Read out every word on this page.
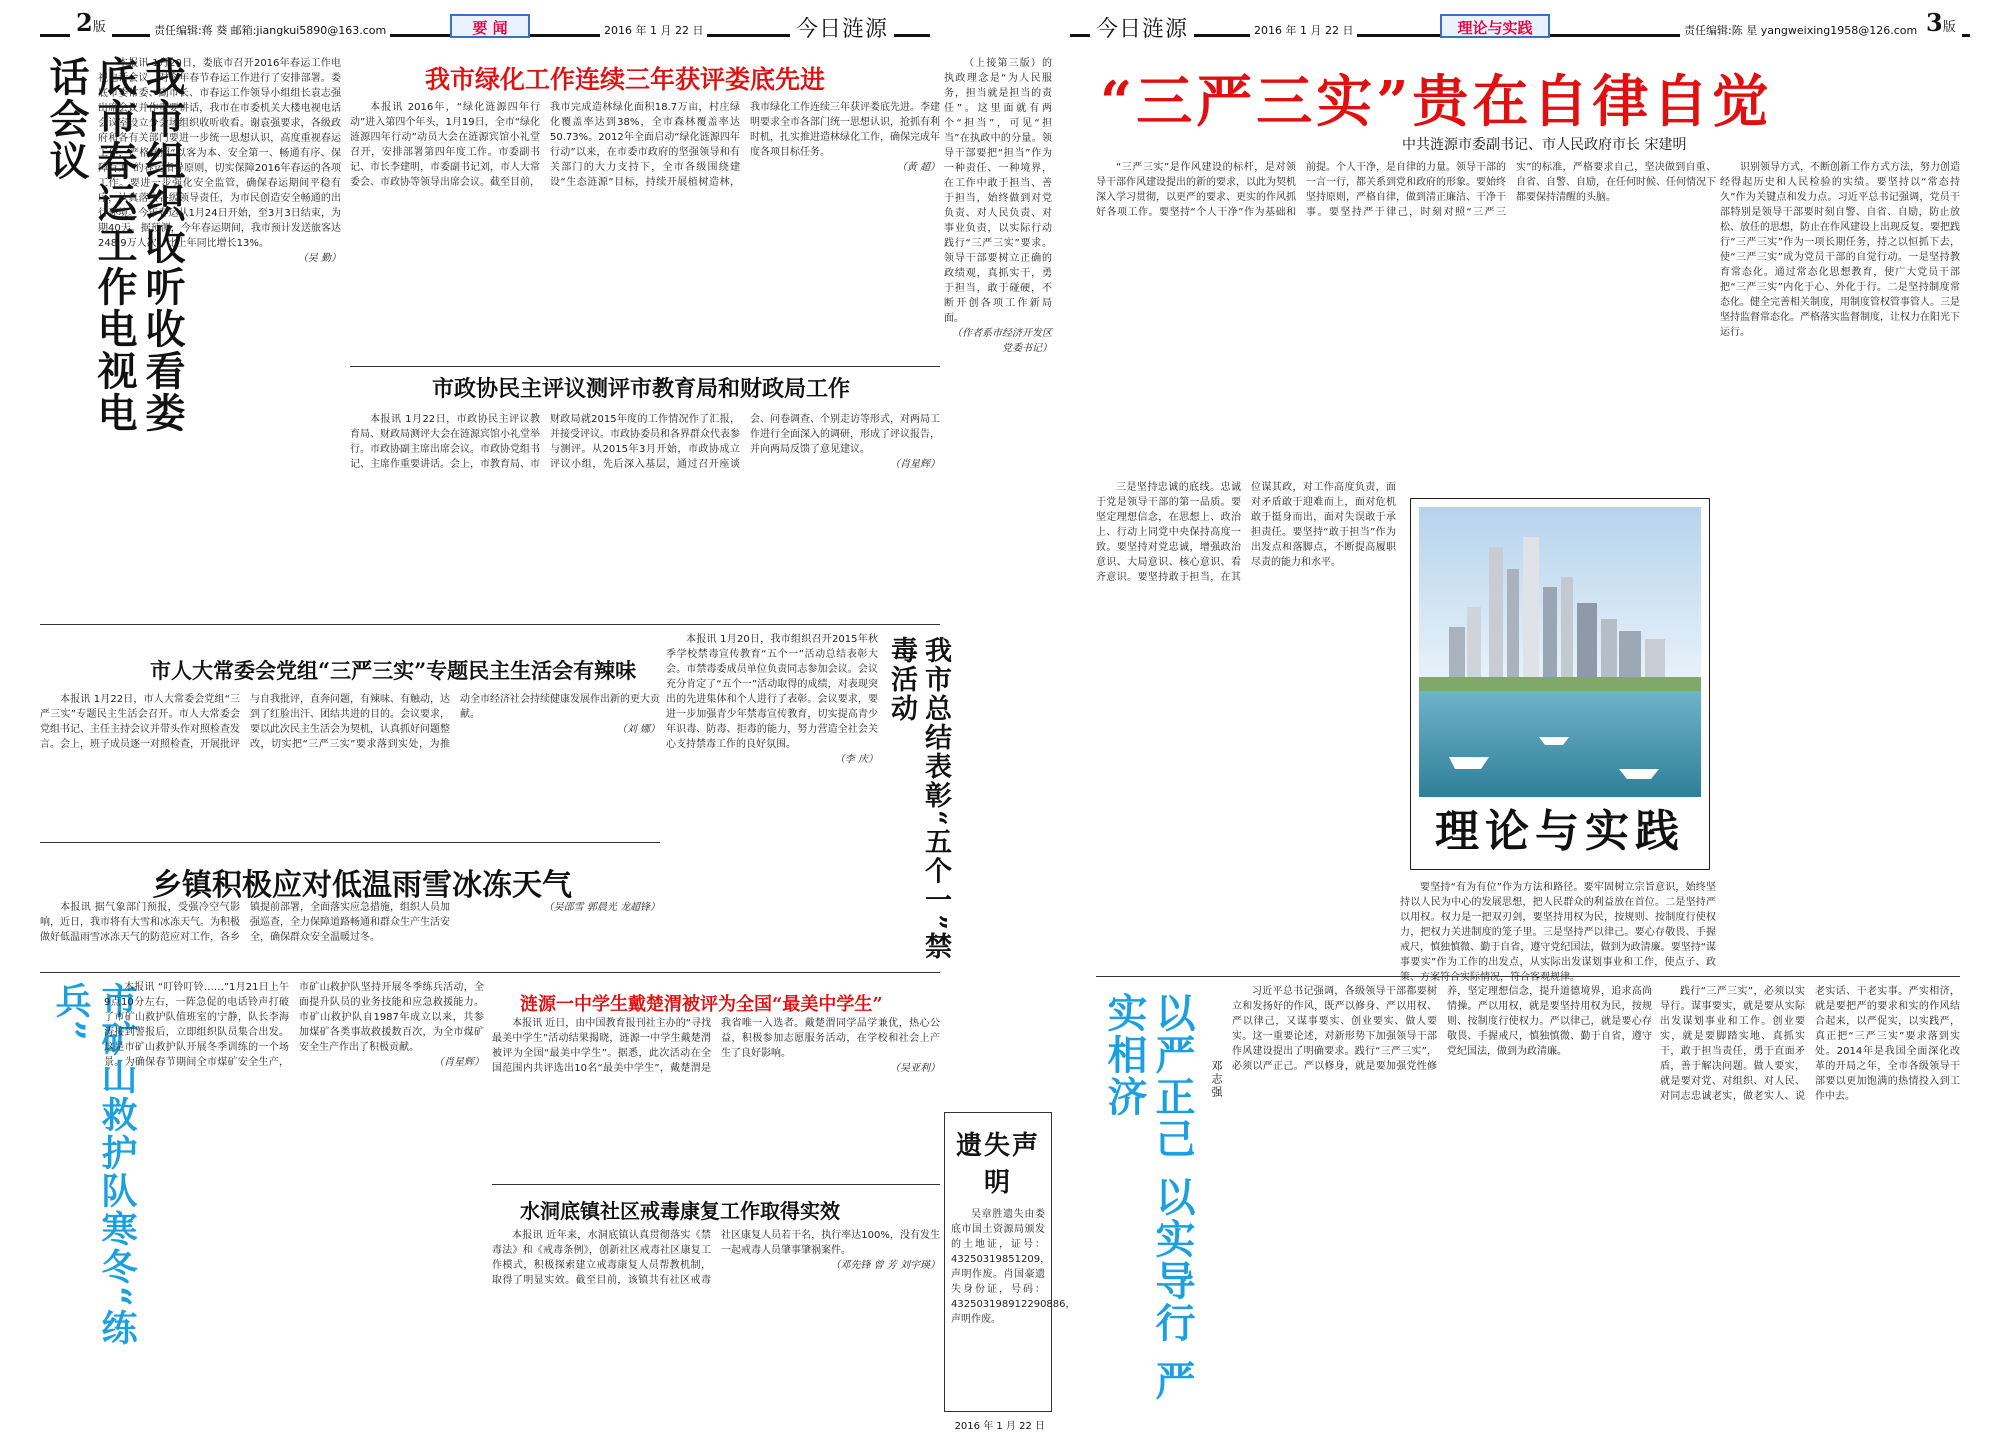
2版	责任编辑:蒋 葵 邮箱:jiangkui5890@163.com	要 闻	2016 年 1 月 22 日	今日涟源
我市组织收听收看娄底市春运工作电视电话会议	本报讯 1月20日，娄底市召开2016年春运工作电视电话会议，对今年春节春运工作进行了安排部署。娄底市委常委、副市长、市春运工作领导小组组长袁志强出席会议并作重要讲话，我市在市委机关大楼电视电话会议室设立分会场组织收听收看。谢袁强要求，各级政府和各有关部门要进一步统一思想认识，高度重视春运工作，严格按照“以客为本、安全第一、畅通有序、保障有力”的春运指导原则，切实保障2016年春运的各项工作。要进一步强化安全监管，确保春运期间平稳有序，认真落实各级领导责任，为市民创造安全畅通的出行环境。今年春运从1月24日开始，至3月3日结束，为期40天。据预测，今年春运期间，我市预计发送旅客达248.9万人次，比上年同比增长13%。

（吴 勤）
我市绿化工作连续三年获评娄底先进

本报讯 2016年，“绿化涟源四年行动”进入第四个年头，1月19日，全市“绿化涟源四年行动”动员大会在涟源宾馆小礼堂召开，安排部署第四年度工作。市委副书记、市长李建明，市委副书记刘，市人大常委会、市政协等领导出席会议。截至目前，我市完成造林绿化面积18.7万亩，村庄绿化覆盖率达到38%，全市森林覆盖率达50.73%。2012年全面启动“绿化涟源四年行动”以来，在市委市政府的坚强领导和有关部门的大力支持下，全市各级围绕建设“生态涟源”目标，持续开展植树造林，我市绿化工作连续三年获评娄底先进。李建明要求全市各部门统一思想认识，抢抓有利时机，扎实推进造林绿化工作，确保完成年度各项目标任务。

（黄 超）
市政协民主评议测评市教育局和财政局工作

本报讯 1月22日，市政协民主评议教育局、财政局测评大会在涟源宾馆小礼堂举行。市政协副主席出席会议。市政协党组书记、主席作重要讲话。会上，市教育局、市财政局就2015年度的工作情况作了汇报，并接受评议。市政协委员和各界群众代表参与测评。从2015年3月开始，市政协成立评议小组，先后深入基层，通过召开座谈会、问卷调查、个别走访等形式，对两局工作进行全面深入的调研，形成了评议报告，并向两局反馈了意见建议。

（肖星辉）
市人大常委会党组“三严三实”专题民主生活会有辣味

本报讯 1月22日，市人大常委会党组“三严三实”专题民主生活会召开。市人大常委会党组书记、主任主持会议并带头作对照检查发言。会上，班子成员逐一对照检查，开展批评与自我批评，直奔问题，有辣味、有触动，达到了红脸出汗、团结共进的目的。会议要求，要以此次民主生活会为契机，认真抓好问题整改，切实把“三严三实”要求落到实处，为推动全市经济社会持续健康发展作出新的更大贡献。

（刘 娜）	我市总结表彰“五个一”禁毒活动

本报讯 1月20日，我市组织召开2015年秋季学校禁毒宣传教育“五个一”活动总结表彰大会。市禁毒委成员单位负责同志参加会议。会议充分肯定了“五个一”活动取得的成绩，对表现突出的先进集体和个人进行了表彰。会议要求，要进一步加强青少年禁毒宣传教育，切实提高青少年识毒、防毒、拒毒的能力，努力营造全社会关心支持禁毒工作的良好氛围。

（李 庆）
乡镇积极应对低温雨雪冰冻天气

本报讯 据气象部门预报，受强冷空气影响，近日，我市将有大雪和冰冻天气。为积极做好低温雨雪冰冻天气的防范应对工作，各乡镇提前部署，全面落实应急措施，组织人员加强巡查，全力保障道路畅通和群众生产生活安全，确保群众安全温暖过冬。

（吴邵雪 郭晨光 龙超锋）
市矿山救护队寒冬“练兵”	本报讯 “叮铃叮铃……”1月21日上午9点10分左右，一阵急促的电话铃声打破了市矿山救护队值班室的宁静，队长李海涛接到警报后，立即组织队员集合出发。这是市矿山救护队开展冬季训练的一个场景。为确保春节期间全市煤矿安全生产，市矿山救护队坚持开展冬季练兵活动，全面提升队员的业务技能和应急救援能力。市矿山救护队自1987年成立以来，共参加煤矿各类事故救援数百次，为全市煤矿安全生产作出了积极贡献。

（肖星辉）
涟源一中学生戴楚渭被评为全国“最美中学生”

本报讯 近日，由中国教育报刊社主办的“寻找最美中学生”活动结果揭晓，涟源一中学生戴楚渭被评为全国“最美中学生”。据悉，此次活动在全国范围内共评选出10名“最美中学生”，戴楚渭是我省唯一入选者。戴楚渭同学品学兼优，热心公益，积极参加志愿服务活动，在学校和社会上产生了良好影响。

（吴亚利）
水洞底镇社区戒毒康复工作取得实效

本报讯 近年来，水洞底镇认真贯彻落实《禁毒法》和《戒毒条例》，创新社区戒毒社区康复工作模式，积极探索建立戒毒康复人员帮教机制，取得了明显实效。截至目前，该镇共有社区戒毒社区康复人员若干名，执行率达100%，没有发生一起戒毒人员肇事肇祸案件。

（邓先锋 曾 芳 刘宇瑛）

（上接第三版）的执政理念是“为人民服务，担当就是担当的责任”。这里面就有两个“担当”，可见“担当”在执政中的分量。领导干部要把“担当”作为一种责任、一种境界，在工作中敢于担当、善于担当，始终做到对党负责、对人民负责、对事业负责，以实际行动践行“三严三实”要求。领导干部要树立正确的政绩观，真抓实干，勇于担当，敢于碰硬，不断开创各项工作新局面。

（作者系市经济开发区党委书记）
遗失声明

吴章胜遗失由娄底市国土资源局颁发的土地证，证号：43250319851209，声明作废。肖国豪遗失身份证，号码：432503198912290886，声明作废。

2016 年 1 月 22 日
今日涟源	2016 年 1 月 22 日	理论与实践	责任编辑:陈 星 yangweixing1958@126.com 3版
“三严三实”贵在自律自觉
中共涟源市委副书记、市人民政府市长 宋建明

“三严三实”是作风建设的标杆，是对领导干部作风建设提出的新的要求，以此为契机深入学习贯彻，以更严的要求、更实的作风抓好各项工作。要坚持“个人干净”作为基础和前提。个人干净，是自律的力量。领导干部的一言一行，都关系到党和政府的形象。要始终坚持原则，严格自律，做到清正廉洁、干净干事。要坚持严于律己，时刻对照“三严三实”的标准，严格要求自己，坚决做到自重、自省、自警、自励，在任何时候、任何情况下都要保持清醒的头脑。

三是坚持忠诚的底线。忠诚于党是领导干部的第一品质。要坚定理想信念，在思想上、政治上、行动上同党中央保持高度一致。要坚持对党忠诚，增强政治意识、大局意识、核心意识、看齐意识。要坚持敢于担当，在其位谋其政，对工作高度负责，面对矛盾敢于迎难而上，面对危机敢于挺身而出，面对失误敢于承担责任。要坚持“敢于担当”作为出发点和落脚点，不断提高履职尽责的能力和水平。

识别领导方式，不断创新工作方式方法，努力创造经得起历史和人民检验的实绩。要坚持以“常态持久”作为关键点和发力点。习近平总书记强调，党员干部特别是领导干部要时刻自警、自省、自励，防止放松、放任的思想，防止在作风建设上出现反复。要把践行“三严三实”作为一项长期任务，持之以恒抓下去，使“三严三实”成为党员干部的自觉行动。一是坚持教育常态化。通过常态化思想教育，使广大党员干部把“三严三实”内化于心、外化于行。二是坚持制度常态化。健全完善相关制度，用制度管权管事管人。三是坚持监督常态化。严格落实监督制度，让权力在阳光下运行。

要坚持“有为有位”作为方法和路径。要牢固树立宗旨意识，始终坚持以人民为中心的发展思想，把人民群众的利益放在首位。二是坚持严以用权。权力是一把双刃剑，要坚持用权为民，按规则、按制度行使权力，把权力关进制度的笼子里。三是坚持严以律己。要心存敬畏、手握戒尺，慎独慎微、勤于自省，遵守党纪国法，做到为政清廉。要坚持“谋事要实”作为工作的出发点，从实际出发谋划事业和工作，使点子、政策、方案符合实际情况，符合客观规律。

理论与实践
以严正己 以实导行 严实相济	邓志强

习近平总书记强调，各级领导干部都要树立和发扬好的作风，既严以修身、严以用权、严以律己，又谋事要实、创业要实、做人要实。这一重要论述，对新形势下加强领导干部作风建设提出了明确要求。践行“三严三实”，必须以严正己。严以修身，就是要加强党性修养，坚定理想信念，提升道德境界，追求高尚情操。严以用权，就是要坚持用权为民，按规则、按制度行使权力。严以律己，就是要心存敬畏、手握戒尺，慎独慎微、勤于自省，遵守党纪国法，做到为政清廉。

践行“三严三实”，必须以实导行。谋事要实，就是要从实际出发谋划事业和工作。创业要实，就是要脚踏实地、真抓实干，敢于担当责任，勇于直面矛盾，善于解决问题。做人要实，就是要对党、对组织、对人民、对同志忠诚老实，做老实人、说老实话、干老实事。严实相济，就是要把严的要求和实的作风结合起来，以严促实，以实践严，真正把“三严三实”要求落到实处。2014年是我国全面深化改革的开局之年，全市各级领导干部要以更加饱满的热情投入到工作中去。
